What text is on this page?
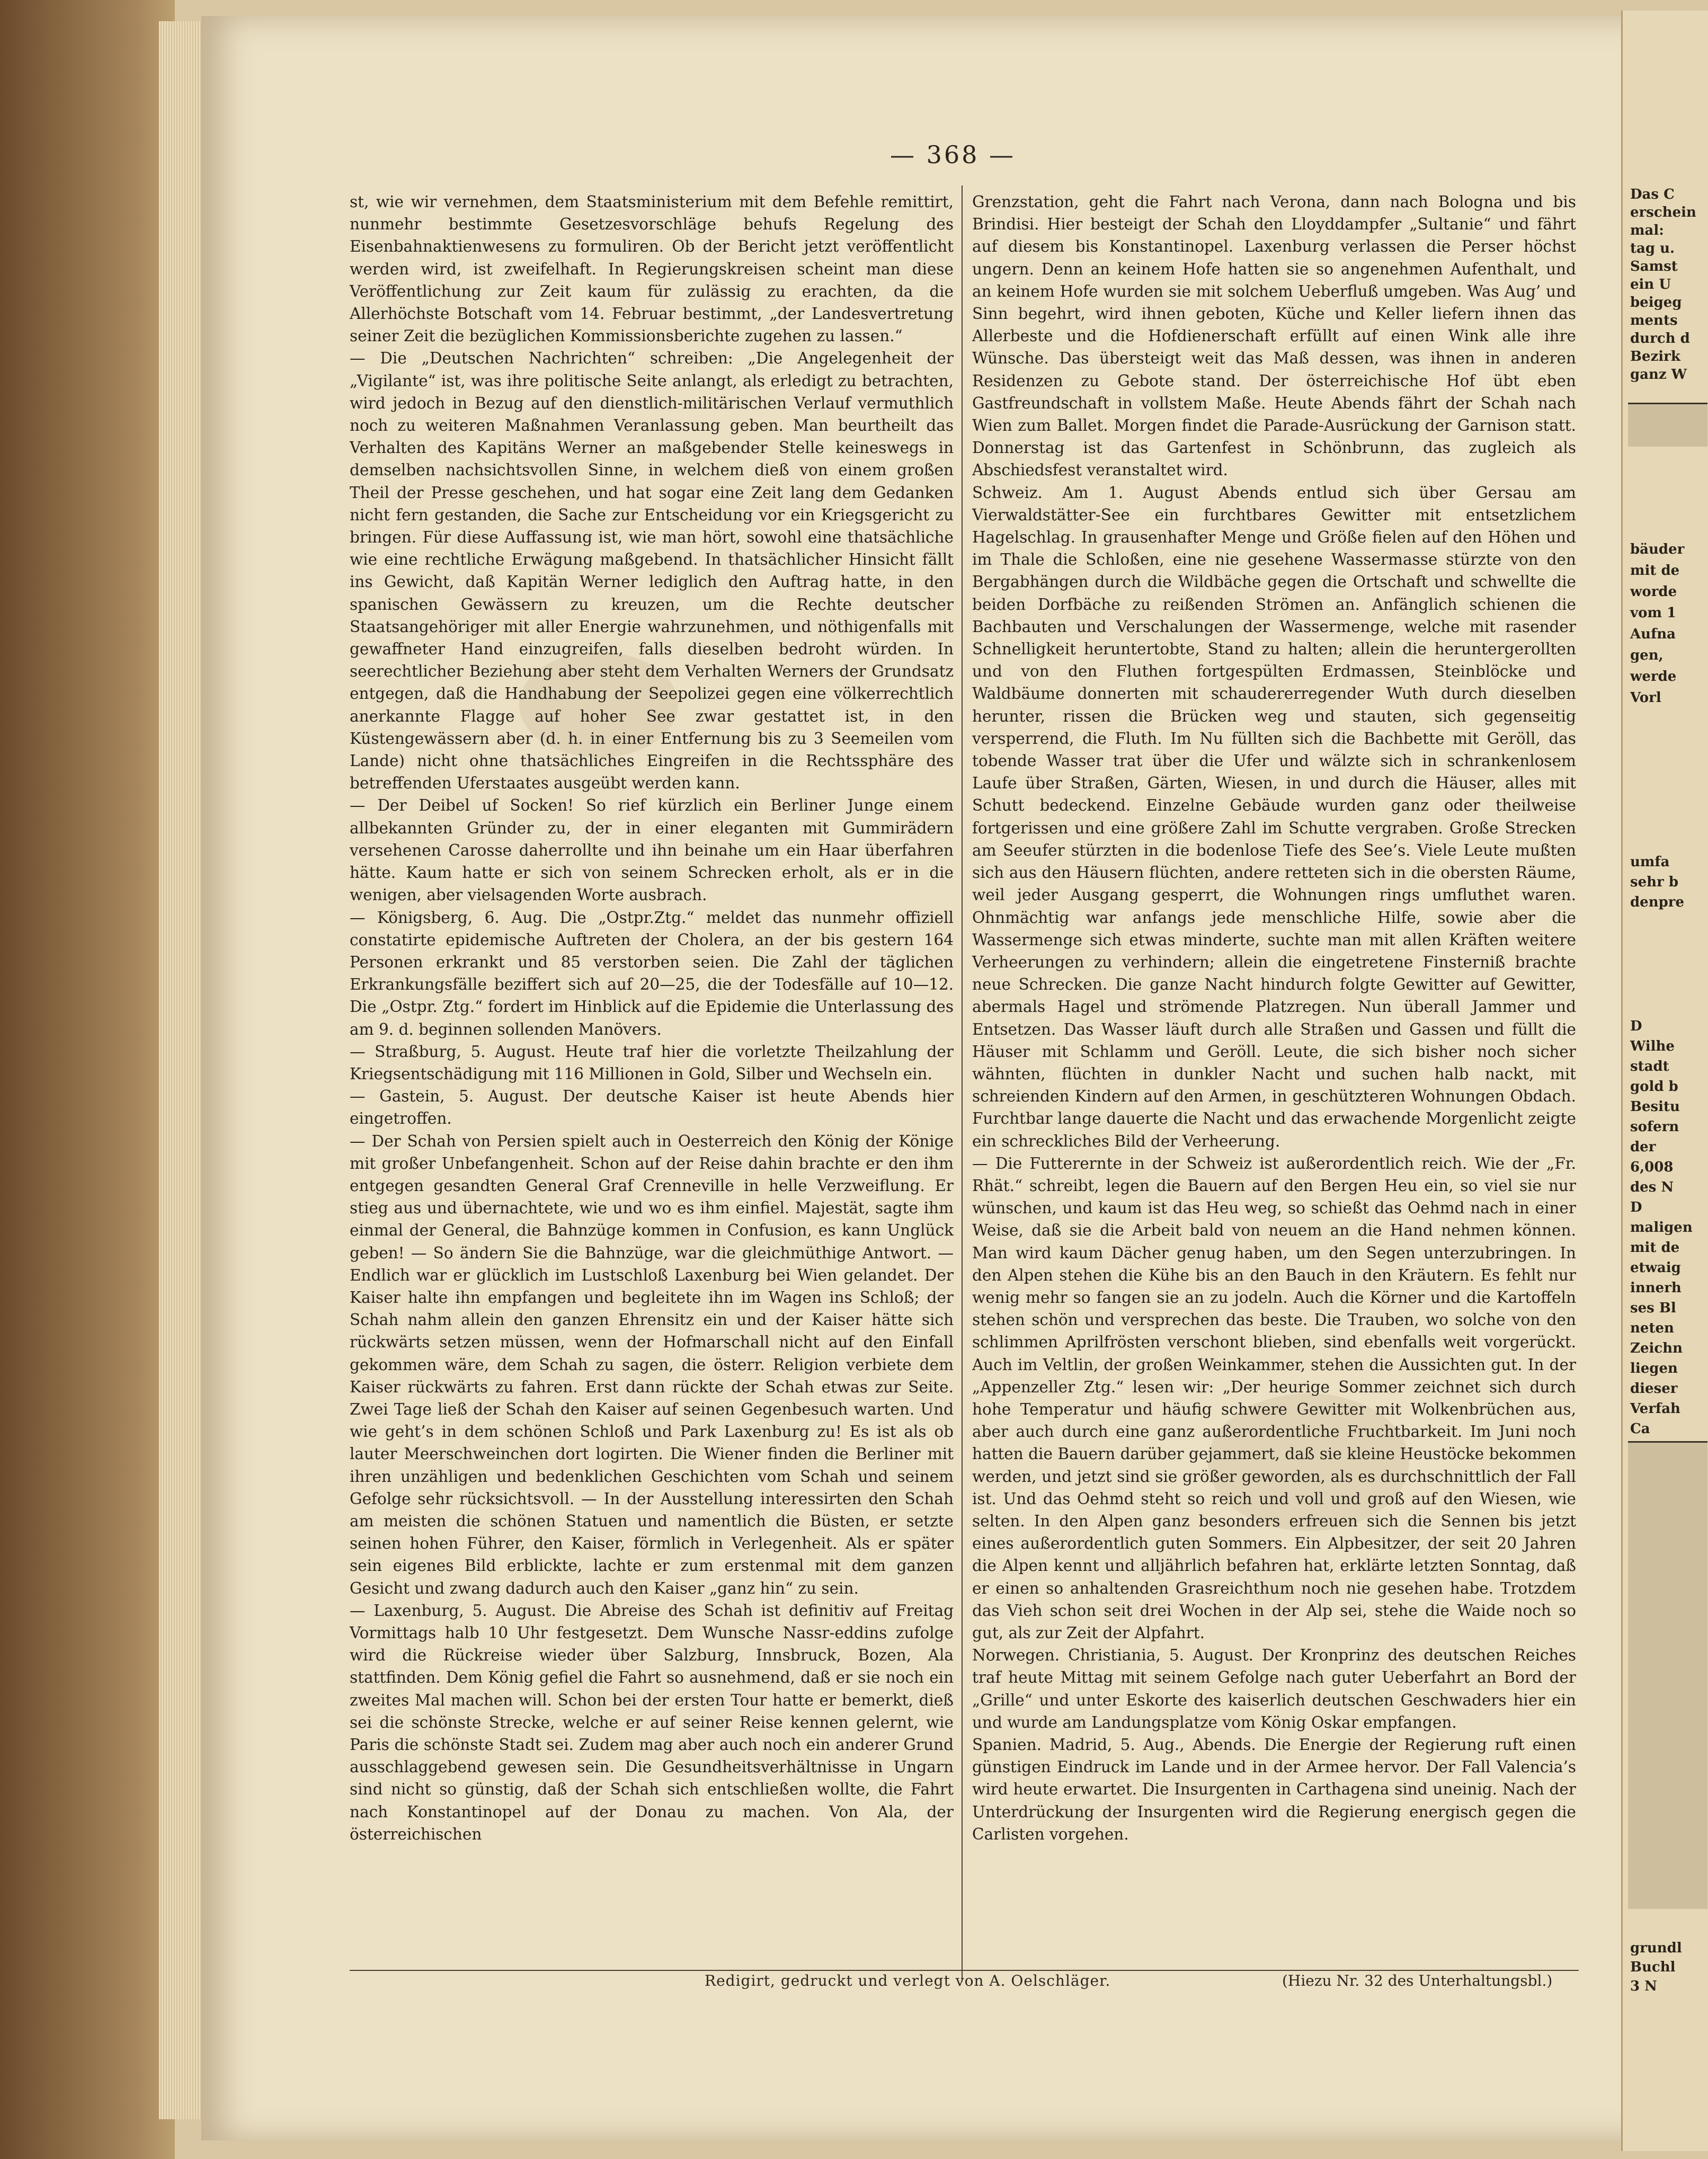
— 368 —

st, wie wir vernehmen, dem Staatsministerium mit dem Befehle remittirt, nunmehr bestimmte Gesetzesvorschläge behufs Regelung des Eisenbahnaktienwesens zu formuliren. Ob der Bericht jetzt veröffentlicht werden wird, ist zweifelhaft. In Regierungskreisen scheint man diese Veröffentlichung zur Zeit kaum für zulässig zu erachten, da die Allerhöchste Botschaft vom 14. Februar bestimmt, „der Landesvertretung seiner Zeit die bezüglichen Kommissionsberichte zugehen zu lassen.“

— Die „Deutschen Nachrichten“ schreiben: „Die Angelegenheit der „Vigilante“ ist, was ihre politische Seite anlangt, als erledigt zu betrachten, wird jedoch in Bezug auf den dienstlich-militärischen Verlauf vermuthlich noch zu weiteren Maßnahmen Veranlassung geben. Man beurtheilt das Verhalten des Kapitäns Werner an maßgebender Stelle keineswegs in demselben nachsichtsvollen Sinne, in welchem dieß von einem großen Theil der Presse geschehen, und hat sogar eine Zeit lang dem Gedanken nicht fern gestanden, die Sache zur Entscheidung vor ein Kriegsgericht zu bringen. Für diese Auffassung ist, wie man hört, sowohl eine thatsächliche wie eine rechtliche Erwägung maßgebend. In thatsächlicher Hinsicht fällt ins Gewicht, daß Kapitän Werner lediglich den Auftrag hatte, in den spanischen Gewässern zu kreuzen, um die Rechte deutscher Staatsangehöriger mit aller Energie wahrzunehmen, und nöthigenfalls mit gewaffneter Hand einzugreifen, falls dieselben bedroht würden. In seerechtlicher Beziehung aber steht dem Verhalten Werners der Grundsatz entgegen, daß die Handhabung der Seepolizei gegen eine völkerrechtlich anerkannte Flagge auf hoher See zwar gestattet ist, in den Küstengewässern aber (d. h. in einer Entfernung bis zu 3 Seemeilen vom Lande) nicht ohne thatsächliches Eingreifen in die Rechtssphäre des betreffenden Uferstaates ausgeübt werden kann.

— Der Deibel uf Socken! So rief kürzlich ein Berliner Junge einem allbekannten Gründer zu, der in einer eleganten mit Gummirädern versehenen Carosse daherrollte und ihn beinahe um ein Haar überfahren hätte. Kaum hatte er sich von seinem Schrecken erholt, als er in die wenigen, aber vielsagenden Worte ausbrach.

— Königsberg, 6. Aug. Die „Ostpr.Ztg.“ meldet das nunmehr offiziell constatirte epidemische Auftreten der Cholera, an der bis gestern 164 Personen erkrankt und 85 verstorben seien. Die Zahl der täglichen Erkrankungsfälle beziffert sich auf 20—25, die der Todesfälle auf 10—12. Die „Ostpr. Ztg.“ fordert im Hinblick auf die Epidemie die Unterlassung des am 9. d. beginnen sollenden Manövers.

— Straßburg, 5. August. Heute traf hier die vorletzte Theilzahlung der Kriegsentschädigung mit 116 Millionen in Gold, Silber und Wechseln ein.

— Gastein, 5. August. Der deutsche Kaiser ist heute Abends hier eingetroffen.

— Der Schah von Persien spielt auch in Oesterreich den König der Könige mit großer Unbefangenheit. Schon auf der Reise dahin brachte er den ihm entgegen gesandten General Graf Crenneville in helle Verzweiflung. Er stieg aus und übernachtete, wie und wo es ihm einfiel. Majestät, sagte ihm einmal der General, die Bahnzüge kommen in Confusion, es kann Unglück geben! — So ändern Sie die Bahnzüge, war die gleichmüthige Antwort. — Endlich war er glücklich im Lustschloß Laxenburg bei Wien gelandet. Der Kaiser halte ihn empfangen und begleitete ihn im Wagen ins Schloß; der Schah nahm allein den ganzen Ehrensitz ein und der Kaiser hätte sich rückwärts setzen müssen, wenn der Hofmarschall nicht auf den Einfall gekommen wäre, dem Schah zu sagen, die österr. Religion verbiete dem Kaiser rückwärts zu fahren. Erst dann rückte der Schah etwas zur Seite. Zwei Tage ließ der Schah den Kaiser auf seinen Gegenbesuch warten. Und wie geht’s in dem schönen Schloß und Park Laxenburg zu! Es ist als ob lauter Meerschweinchen dort logirten. Die Wiener finden die Berliner mit ihren unzähligen und bedenklichen Geschichten vom Schah und seinem Gefolge sehr rücksichtsvoll. — In der Ausstellung interessirten den Schah am meisten die schönen Statuen und namentlich die Büsten, er setzte seinen hohen Führer, den Kaiser, förmlich in Verlegenheit. Als er später sein eigenes Bild erblickte, lachte er zum erstenmal mit dem ganzen Gesicht und zwang dadurch auch den Kaiser „ganz hin“ zu sein.

— Laxenburg, 5. August. Die Abreise des Schah ist definitiv auf Freitag Vormittags halb 10 Uhr festgesetzt. Dem Wunsche Nassr-eddins zufolge wird die Rückreise wieder über Salzburg, Innsbruck, Bozen, Ala stattfinden. Dem König gefiel die Fahrt so ausnehmend, daß er sie noch ein zweites Mal machen will. Schon bei der ersten Tour hatte er bemerkt, dieß sei die schönste Strecke, welche er auf seiner Reise kennen gelernt, wie Paris die schönste Stadt sei. Zudem mag aber auch noch ein anderer Grund ausschlaggebend gewesen sein. Die Gesundheitsverhältnisse in Ungarn sind nicht so günstig, daß der Schah sich entschließen wollte, die Fahrt nach Konstantinopel auf der Donau zu machen. Von Ala, der österreichischen

Grenzstation, geht die Fahrt nach Verona, dann nach Bologna und bis Brindisi. Hier besteigt der Schah den Lloyddampfer „Sultanie“ und fährt auf diesem bis Konstantinopel. Laxenburg verlassen die Perser höchst ungern. Denn an keinem Hofe hatten sie so angenehmen Aufenthalt, und an keinem Hofe wurden sie mit solchem Ueberfluß umgeben. Was Aug’ und Sinn begehrt, wird ihnen geboten, Küche und Keller liefern ihnen das Allerbeste und die Hofdienerschaft erfüllt auf einen Wink alle ihre Wünsche. Das übersteigt weit das Maß dessen, was ihnen in anderen Residenzen zu Gebote stand. Der österreichische Hof übt eben Gastfreundschaft in vollstem Maße. Heute Abends fährt der Schah nach Wien zum Ballet. Morgen findet die Parade-Ausrückung der Garnison statt. Donnerstag ist das Gartenfest in Schönbrunn, das zugleich als Abschiedsfest veranstaltet wird.

Schweiz. Am 1. August Abends entlud sich über Gersau am Vierwaldstätter-See ein furchtbares Gewitter mit entsetzlichem Hagelschlag. In grausenhafter Menge und Größe fielen auf den Höhen und im Thale die Schloßen, eine nie gesehene Wassermasse stürzte von den Bergabhängen durch die Wildbäche gegen die Ortschaft und schwellte die beiden Dorfbäche zu reißenden Strömen an. Anfänglich schienen die Bachbauten und Verschalungen der Wassermenge, welche mit rasender Schnelligkeit heruntertobte, Stand zu halten; allein die heruntergerollten und von den Fluthen fortgespülten Erdmassen, Steinblöcke und Waldbäume donnerten mit schaudererregender Wuth durch dieselben herunter, rissen die Brücken weg und stauten, sich gegenseitig versperrend, die Fluth. Im Nu füllten sich die Bachbette mit Geröll, das tobende Wasser trat über die Ufer und wälzte sich in schrankenlosem Laufe über Straßen, Gärten, Wiesen, in und durch die Häuser, alles mit Schutt bedeckend. Einzelne Gebäude wurden ganz oder theilweise fortgerissen und eine größere Zahl im Schutte vergraben. Große Strecken am Seeufer stürzten in die bodenlose Tiefe des See’s. Viele Leute mußten sich aus den Häusern flüchten, andere retteten sich in die obersten Räume, weil jeder Ausgang gesperrt, die Wohnungen rings umfluthet waren. Ohnmächtig war anfangs jede menschliche Hilfe, sowie aber die Wassermenge sich etwas minderte, suchte man mit allen Kräften weitere Verheerungen zu verhindern; allein die eingetretene Finsterniß brachte neue Schrecken. Die ganze Nacht hindurch folgte Gewitter auf Gewitter, abermals Hagel und strömende Platzregen. Nun überall Jammer und Entsetzen. Das Wasser läuft durch alle Straßen und Gassen und füllt die Häuser mit Schlamm und Geröll. Leute, die sich bisher noch sicher wähnten, flüchten in dunkler Nacht und suchen halb nackt, mit schreienden Kindern auf den Armen, in geschützteren Wohnungen Obdach. Furchtbar lange dauerte die Nacht und das erwachende Morgenlicht zeigte ein schreckliches Bild der Verheerung.

— Die Futterernte in der Schweiz ist außerordentlich reich. Wie der „Fr. Rhät.“ schreibt, legen die Bauern auf den Bergen Heu ein, so viel sie nur wünschen, und kaum ist das Heu weg, so schießt das Oehmd nach in einer Weise, daß sie die Arbeit bald von neuem an die Hand nehmen können. Man wird kaum Dächer genug haben, um den Segen unterzubringen. In den Alpen stehen die Kühe bis an den Bauch in den Kräutern. Es fehlt nur wenig mehr so fangen sie an zu jodeln. Auch die Körner und die Kartoffeln stehen schön und versprechen das beste. Die Trauben, wo solche von den schlimmen Aprilfrösten verschont blieben, sind ebenfalls weit vorgerückt. Auch im Veltlin, der großen Weinkammer, stehen die Aussichten gut. In der „Appenzeller Ztg.“ lesen wir: „Der heurige Sommer zeichnet sich durch hohe Temperatur und häufig schwere Gewitter mit Wolkenbrüchen aus, aber auch durch eine ganz außerordentliche Fruchtbarkeit. Im Juni noch hatten die Bauern darüber gejammert, daß sie kleine Heustöcke bekommen werden, und jetzt sind sie größer geworden, als es durchschnittlich der Fall ist. Und das Oehmd steht so reich und voll und groß auf den Wiesen, wie selten. In den Alpen ganz besonders erfreuen sich die Sennen bis jetzt eines außerordentlich guten Sommers. Ein Alpbesitzer, der seit 20 Jahren die Alpen kennt und alljährlich befahren hat, erklärte letzten Sonntag, daß er einen so anhaltenden Grasreichthum noch nie gesehen habe. Trotzdem das Vieh schon seit drei Wochen in der Alp sei, stehe die Waide noch so gut, als zur Zeit der Alpfahrt.

Norwegen. Christiania, 5. August. Der Kronprinz des deutschen Reiches traf heute Mittag mit seinem Gefolge nach guter Ueberfahrt an Bord der „Grille“ und unter Eskorte des kaiserlich deutschen Geschwaders hier ein und wurde am Landungsplatze vom König Oskar empfangen.

Spanien. Madrid, 5. Aug., Abends. Die Energie der Regierung ruft einen günstigen Eindruck im Lande und in der Armee hervor. Der Fall Valencia’s wird heute erwartet. Die Insurgenten in Carthagena sind uneinig. Nach der Unterdrückung der Insurgenten wird die Regierung energisch gegen die Carlisten vorgehen.

Redigirt, gedruckt und verlegt von A. Oelschläger.	(Hiezu Nr. 32 des Unterhaltungsbl.)
Das C
erschein
mal:
tag u.
Samst
ein U
beigeg
ments
durch d
Bezirk
ganz W
bäuder
mit de
worde
vom 1
Aufna
gen,
werde
Vorl
umfa
sehr b
denpre
D
Wilhe
stadt
gold b
Besitu
sofern
der
6,008
des N
D
maligen
mit de
etwaig
innerh
ses Bl
neten
Zeichn
liegen
dieser
Verfah
Ca
grundl
Buchl
3 N
